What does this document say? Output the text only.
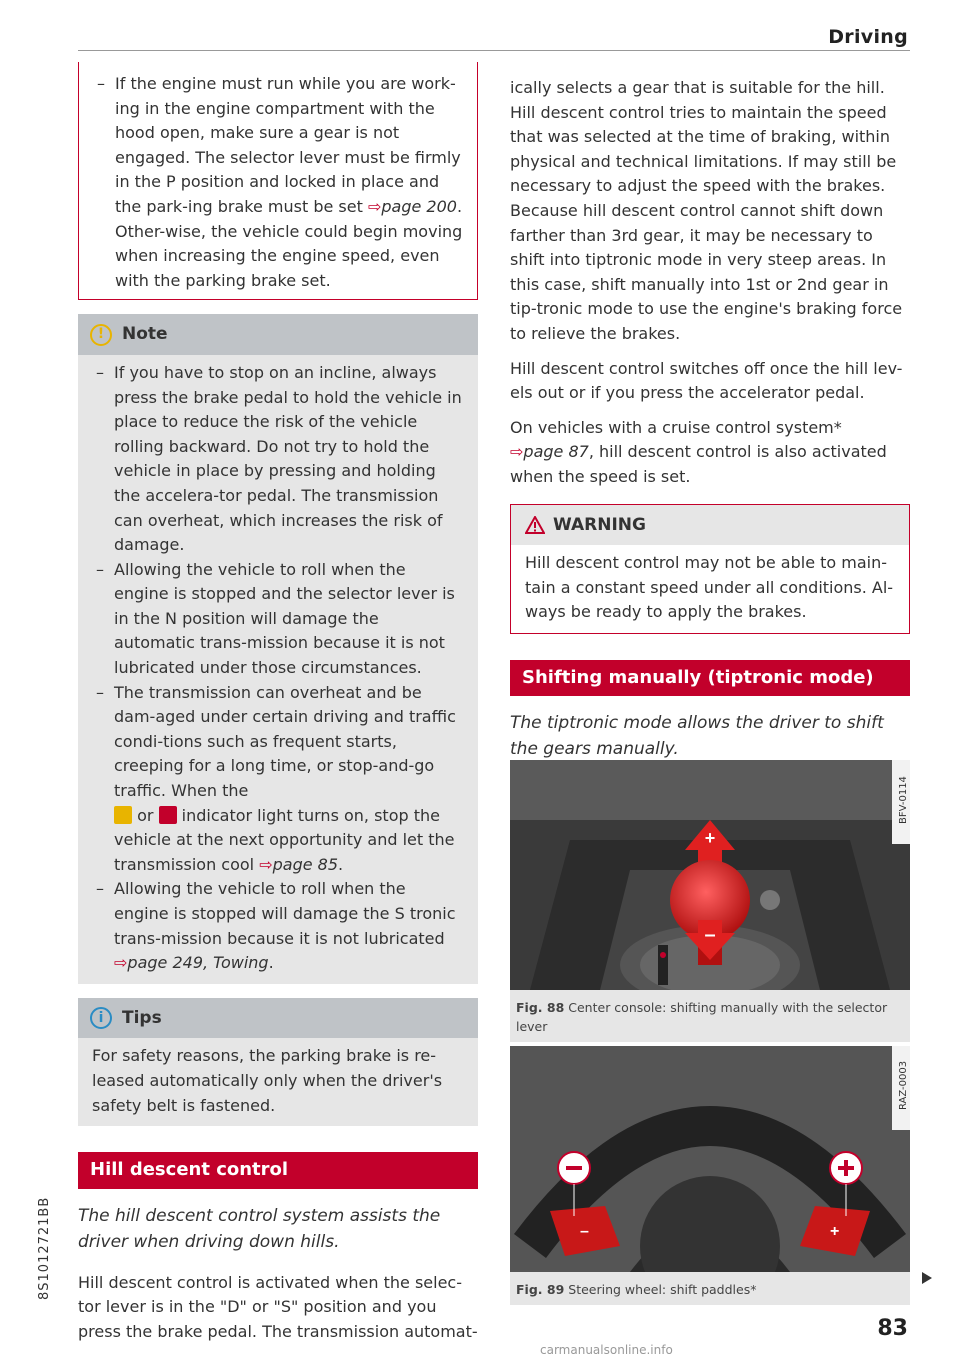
Driving
– If the engine must run while you are work-ing in the engine compartment with the hood open, make sure a gear is not engaged. The selector lever must be firmly in the P position and locked in place and the park-ing brake must be set ⇨page 200. Other-wise, the vehicle could begin moving when increasing the engine speed, even with the parking brake set.
! Note
– If you have to stop on an incline, always press the brake pedal to hold the vehicle in place to reduce the risk of the vehicle rolling backward. Do not try to hold the vehicle in place by pressing and holding the accelera-tor pedal. The transmission can overheat, which increases the risk of damage.
– Allowing the vehicle to roll when the engine is stopped and the selector lever is in the N position will damage the automatic trans-mission because it is not lubricated under those circumstances.
– The transmission can overheat and be dam-aged under certain driving and traffic condi-tions such as frequent starts, creeping for a long time, or stop-and-go traffic. When the
or indicator light turns on, stop the vehicle at the next opportunity and let the transmission cool ⇨page 85.
– Allowing the vehicle to roll when the engine is stopped will damage the S tronic trans-mission because it is not lubricated
⇨page 249, Towing.
i Tips
For safety reasons, the parking brake is re-leased automatically only when the driver's safety belt is fastened.
Hill descent control
The hill descent control system assists the driver when driving down hills.

Hill descent control is activated when the selec-tor lever is in the "D" or "S" position and you press the brake pedal. The transmission automat-

ically selects a gear that is suitable for the hill. Hill descent control tries to maintain the speed that was selected at the time of braking, within physical and technical limitations. If may still be necessary to adjust the speed with the brakes. Because hill descent control cannot shift down farther than 3rd gear, it may be necessary to shift into tiptronic mode in very steep areas. In this case, shift manually into 1st or 2nd gear in tip-tronic mode to use the engine's braking force to relieve the brakes.

Hill descent control switches off once the hill lev-els out or if you press the accelerator pedal.

On vehicles with a cruise control system*
⇨page 87, hill descent control is also activated when the speed is set.

WARNING
Hill descent control may not be able to main-tain a constant speed under all conditions. Al-ways be ready to apply the brakes.
Shifting manually (tiptronic mode)
The tiptronic mode allows the driver to shift the gears manually.
+
–
BFV-0114
Fig. 88 Center console: shifting manually with the selector lever
–	+
RAZ-0003
Fig. 89 Steering wheel: shift paddles*
83
8S1012721BB
carmanualsonline.info
